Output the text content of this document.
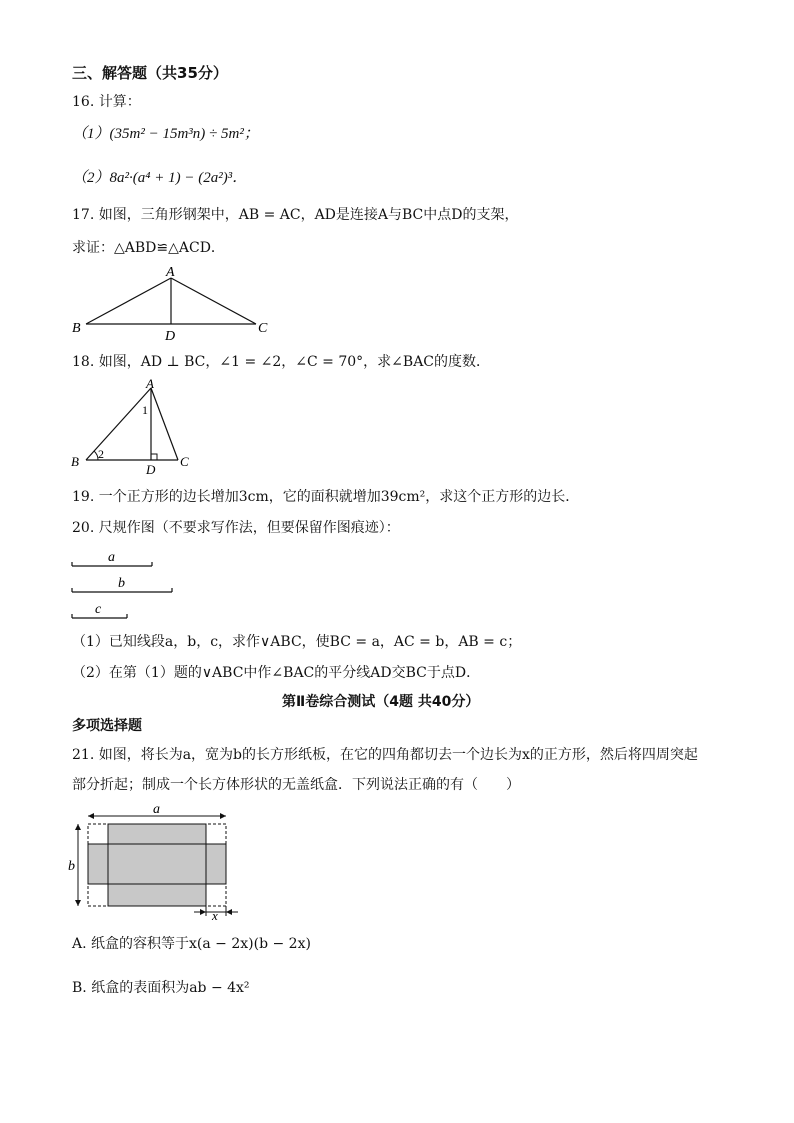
三、解答题（共35分）
16. 计算：
（1）(35m² − 15m³n) ÷ 5m²；
（2）8a²·(a⁴ + 1) − (2a²)³．
17. 如图，三角形钢架中，AB = AC，AD是连接A与BC中点D的支架，
求证：△ABD≌△ACD．
A
B	C
D
18. 如图，AD ⊥ BC，∠1 = ∠2，∠C = 70°，求∠BAC的度数．
A
B	C
D
1
2
19. 一个正方形的边长增加3cm，它的面积就增加39cm²，求这个正方形的边长．
20. 尺规作图（不要求写作法，但要保留作图痕迹）：
a
b
c
（1）已知线段a，b，c，求作∨ABC，使BC = a，AC = b，AB = c；
（2）在第（1）题的∨ABC中作∠BAC的平分线AD交BC于点D．
第Ⅱ卷综合测试（4题 共40分）
多项选择题
21. 如图，将长为a，宽为b的长方形纸板，在它的四角都切去一个边长为x的正方形，然后将四周突起
部分折起；制成一个长方体形状的无盖纸盒．下列说法正确的有（　　）
a
b
x
A. 纸盒的容积等于x(a − 2x)(b − 2x)
B. 纸盒的表面积为ab − 4x²
